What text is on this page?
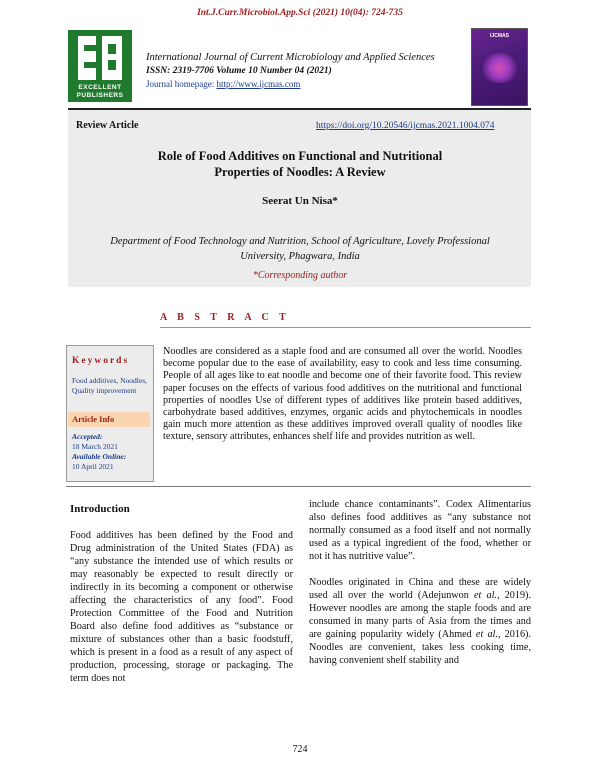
Int.J.Curr.Microbiol.App.Sci (2021) 10(04): 724-735
EXCELLENT
PUBLISHERS
International Journal of Current Microbiology and Applied Sciences
ISSN: 2319-7706 Volume 10 Number 04 (2021)
Journal homepage: http://www.ijcmas.com
IJCMAS
Review Article	https://doi.org/10.20546/ijcmas.2021.1004.074
Role of Food Additives on Functional and Nutritional
Properties of Noodles: A Review
Seerat Un Nisa*
Department of Food Technology and Nutrition, School of Agriculture, Lovely Professional
University, Phagwara, India
*Corresponding author
A B S T R A C T
Keywords
Food additives, Noodles, Quality improvement
Article Info
Accepted:
18 March 2021
Available Online:
10 April 2021
Noodles are considered as a staple food and are consumed all over the world. Noodles become popular due to the ease of availability, easy to cook and less time consuming. People of all ages like to eat noodle and become one of their favorite food. This review paper focuses on the effects of various food additives on the nutritional and functional properties of noodles Use of different types of additives like protein based additives, carbohydrate based additives, enzymes, organic acids and phytochemicals in noodles gain much more attention as these additives improved overall quality of noodles like texture, sensory attributes, enhances shelf life and provides nutrition as well.
Introduction

Food additives has been defined by the Food and Drug administration of the United States (FDA) as “any substance the intended use of which results or may reasonably be expected to result directly or indirectly in its becoming a component or otherwise affecting the characteristics of any food”. Food Protection Committee of the Food and Nutrition Board also define food additives as “substance or mixture of substances other than a basic foodstuff, which is present in a food as a result of any aspect of production, processing, storage or packaging. The term does not

include chance contaminants”. Codex Alimentarius also defines food additives as “any substance not normally consumed as a food itself and not normally used as a typical ingredient of the food, whether or not it has nutritive value”.

Noodles originated in China and these are widely used all over the world (Adejunwon et al., 2019). However noodles are among the staple foods and are consumed in many parts of Asia from the times and are gaining popularity widely (Ahmed et al., 2016). Noodles are convenient, takes less cooking time, having convenient shelf stability and

724
